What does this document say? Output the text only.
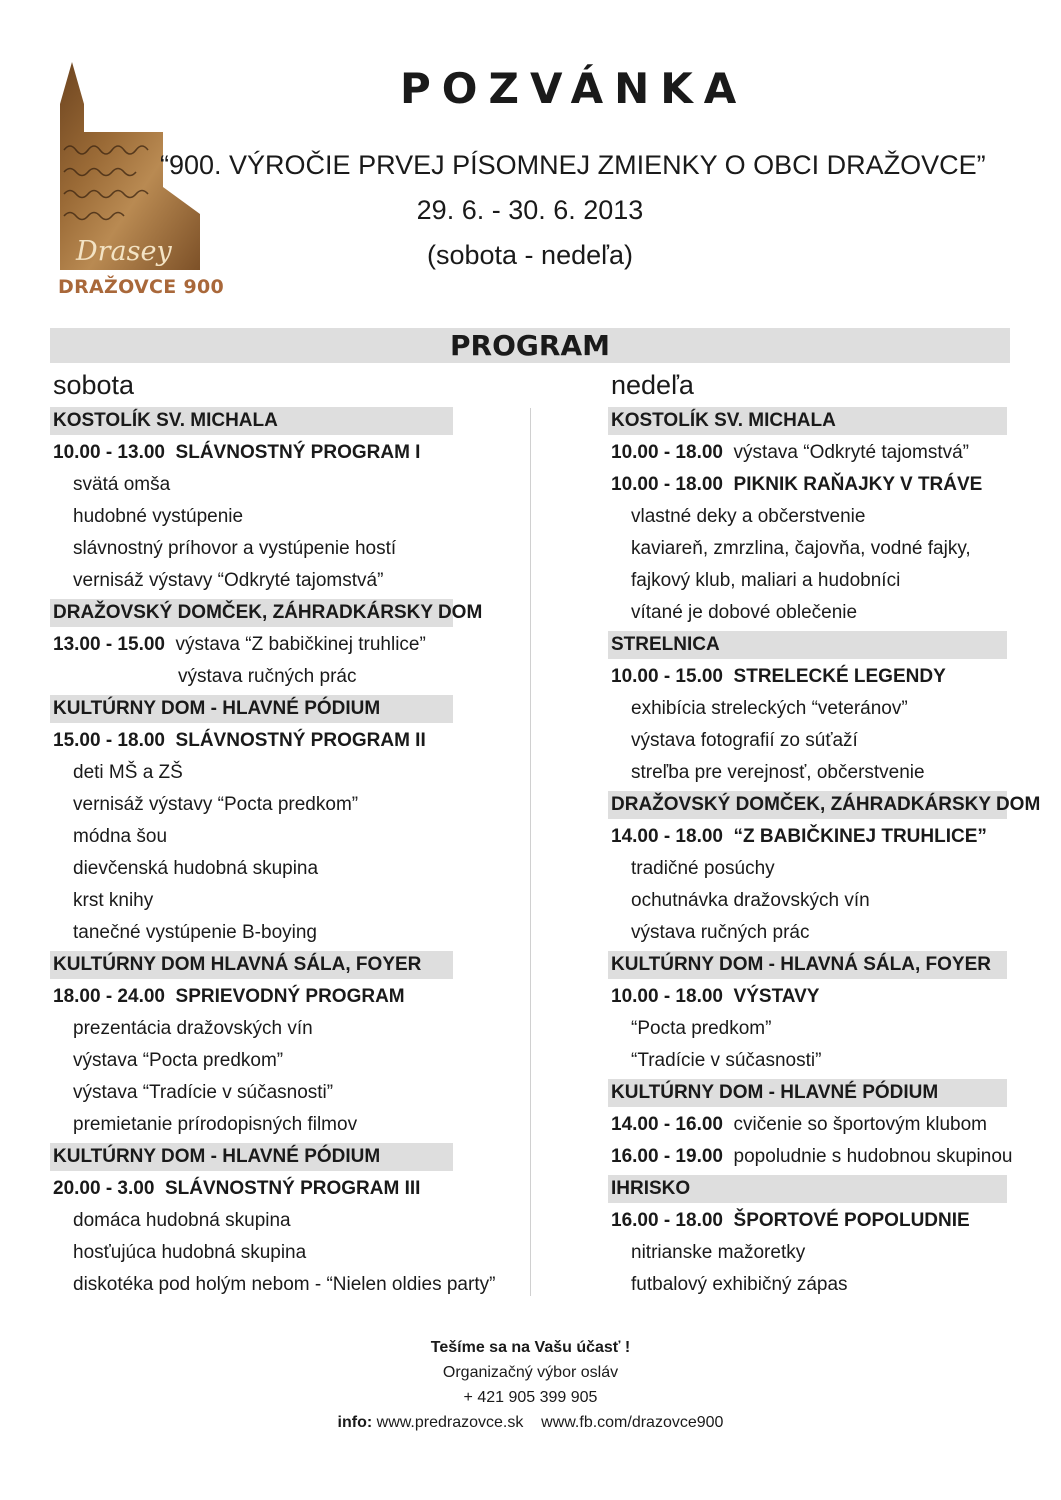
Drasey
DRAŽOVCE 900
POZVÁNKA
“900. VÝROČIE PRVEJ PÍSOMNEJ ZMIENKY O OBCI DRAŽOVCE”
29. 6. - 30. 6. 2013
(sobota - nedeľa)
PROGRAM
sobota
KOSTOLÍK SV. MICHALA
10.00 - 13.00 SLÁVNOSTNÝ PROGRAM I
svätá omša
hudobné vystúpenie
slávnostný príhovor a vystúpenie hostí
vernisáž výstavy “Odkryté tajomstvá”
DRAŽOVSKÝ DOMČEK, ZÁHRADKÁRSKY DOM
13.00 - 15.00 výstava “Z babičkinej truhlice”
výstava ručných prác
KULTÚRNY DOM - HLAVNÉ PÓDIUM
15.00 - 18.00 SLÁVNOSTNÝ PROGRAM II
deti MŠ a ZŠ
vernisáž výstavy “Pocta predkom”
módna šou
dievčenská hudobná skupina
krst knihy
tanečné vystúpenie B-boying
KULTÚRNY DOM HLAVNÁ SÁLA, FOYER
18.00 - 24.00 SPRIEVODNÝ PROGRAM
prezentácia dražovských vín
výstava “Pocta predkom”
výstava “Tradície v súčasnosti”
premietanie prírodopisných filmov
KULTÚRNY DOM - HLAVNÉ PÓDIUM
20.00 - 3.00 SLÁVNOSTNÝ PROGRAM III
domáca hudobná skupina
hosťujúca hudobná skupina
diskotéka pod holým nebom - “Nielen oldies party”
nedeľa
KOSTOLÍK SV. MICHALA
10.00 - 18.00 výstava “Odkryté tajomstvá”
10.00 - 18.00 PIKNIK RAŇAJKY V TRÁVE
vlastné deky a občerstvenie
kaviareň, zmrzlina, čajovňa, vodné fajky,
fajkový klub, maliari a hudobníci
vítané je dobové oblečenie
STRELNICA
10.00 - 15.00 STRELECKÉ LEGENDY
exhibícia streleckých “veteránov”
výstava fotografií zo súťaží
streľba pre verejnosť, občerstvenie
DRAŽOVSKÝ DOMČEK, ZÁHRADKÁRSKY DOM
14.00 - 18.00 “Z BABIČKINEJ TRUHLICE”
tradičné posúchy
ochutnávka dražovských vín
výstava ručných prác
KULTÚRNY DOM - HLAVNÁ SÁLA, FOYER
10.00 - 18.00 VÝSTAVY
“Pocta predkom”
“Tradície v súčasnosti”
KULTÚRNY DOM - HLAVNÉ PÓDIUM
14.00 - 16.00 cvičenie so športovým klubom
16.00 - 19.00 popoludnie s hudobnou skupinou
IHRISKO
16.00 - 18.00 ŠPORTOVÉ POPOLUDNIE
nitrianske mažoretky
futbalový exhibičný zápas
Tešíme sa na Vašu účasť !
Organizačný výbor osláv
+ 421 905 399 905
info: www.predrazovce.sk www.fb.com/drazovce900
